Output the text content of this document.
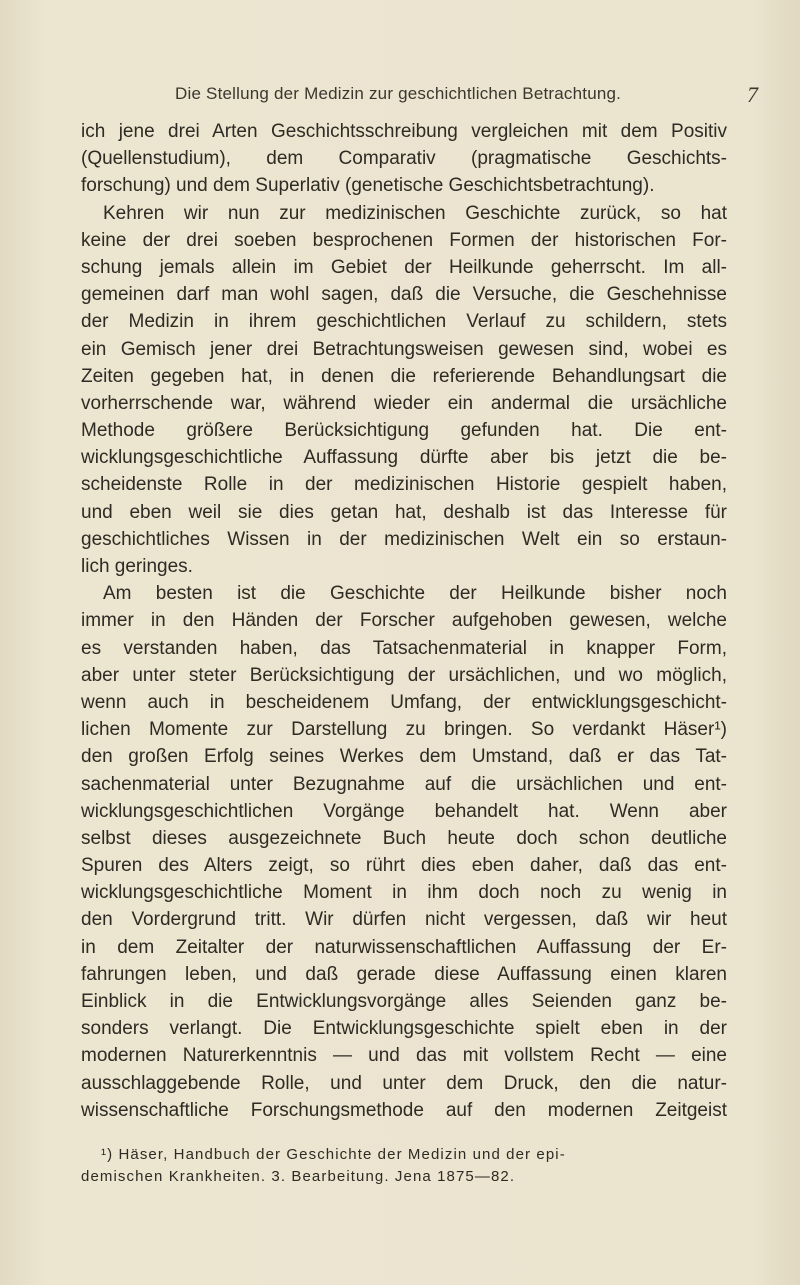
Die Stellung der Medizin zur geschichtlichen Betrachtung.	7
ich jene drei Arten Geschichtsschreibung vergleichen mit dem Positiv
(Quellenstudium), dem Comparativ (pragmatische Geschichts-
forschung) und dem Superlativ (genetische Geschichtsbetrachtung).
Kehren wir nun zur medizinischen Geschichte zurück, so hat
keine der drei soeben besprochenen Formen der historischen For-
schung jemals allein im Gebiet der Heilkunde geherrscht. Im all-
gemeinen darf man wohl sagen, daß die Versuche, die Geschehnisse
der Medizin in ihrem geschichtlichen Verlauf zu schildern, stets
ein Gemisch jener drei Betrachtungsweisen gewesen sind, wobei es
Zeiten gegeben hat, in denen die referierende Behandlungsart die
vorherrschende war, während wieder ein andermal die ursächliche
Methode größere Berücksichtigung gefunden hat. Die ent-
wicklungsgeschichtliche Auffassung dürfte aber bis jetzt die be-
scheidenste Rolle in der medizinischen Historie gespielt haben,
und eben weil sie dies getan hat, deshalb ist das Interesse für
geschichtliches Wissen in der medizinischen Welt ein so erstaun-
lich geringes.
Am besten ist die Geschichte der Heilkunde bisher noch
immer in den Händen der Forscher aufgehoben gewesen, welche
es verstanden haben, das Tatsachenmaterial in knapper Form,
aber unter steter Berücksichtigung der ursächlichen, und wo möglich,
wenn auch in bescheidenem Umfang, der entwicklungsgeschicht-
lichen Momente zur Darstellung zu bringen. So verdankt Häser¹)
den großen Erfolg seines Werkes dem Umstand, daß er das Tat-
sachenmaterial unter Bezugnahme auf die ursächlichen und ent-
wicklungsgeschichtlichen Vorgänge behandelt hat. Wenn aber
selbst dieses ausgezeichnete Buch heute doch schon deutliche
Spuren des Alters zeigt, so rührt dies eben daher, daß das ent-
wicklungsgeschichtliche Moment in ihm doch noch zu wenig in
den Vordergrund tritt. Wir dürfen nicht vergessen, daß wir heut
in dem Zeitalter der naturwissenschaftlichen Auffassung der Er-
fahrungen leben, und daß gerade diese Auffassung einen klaren
Einblick in die Entwicklungsvorgänge alles Seienden ganz be-
sonders verlangt. Die Entwicklungsgeschichte spielt eben in der
modernen Naturerkenntnis — und das mit vollstem Recht — eine
ausschlaggebende Rolle, und unter dem Druck, den die natur-
wissenschaftliche Forschungsmethode auf den modernen Zeitgeist
¹) Häser, Handbuch der Geschichte der Medizin und der epi-
demischen Krankheiten. 3. Bearbeitung. Jena 1875—82.
